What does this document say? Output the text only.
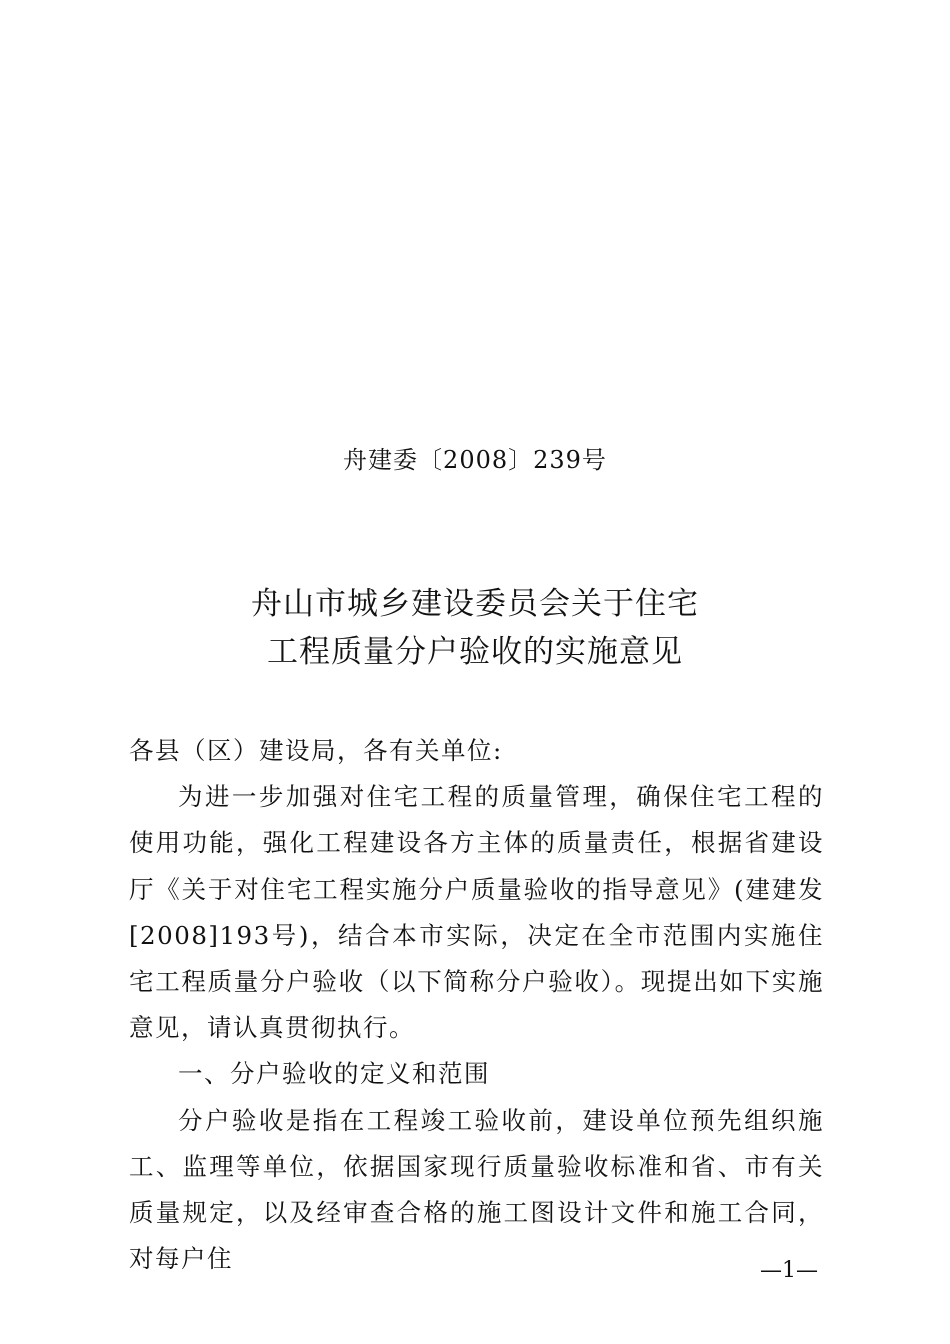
舟建委〔2008〕239号
舟山市城乡建设委员会关于住宅
工程质量分户验收的实施意见

各县（区）建设局，各有关单位:

为进一步加强对住宅工程的质量管理，确保住宅工程的使用功能，强化工程建设各方主体的质量责任，根据省建设厅《关于对住宅工程实施分户质量验收的指导意见》(建建发[2008]193号)，结合本市实际，决定在全市范围内实施住宅工程质量分户验收（以下简称分户验收）。现提出如下实施意见，请认真贯彻执行。

一、分户验收的定义和范围

分户验收是指在工程竣工验收前，建设单位预先组织施工、监理等单位，依据国家现行质量验收标准和省、市有关质量规定，以及经审查合格的施工图设计文件和施工合同，对每户住	—1—
